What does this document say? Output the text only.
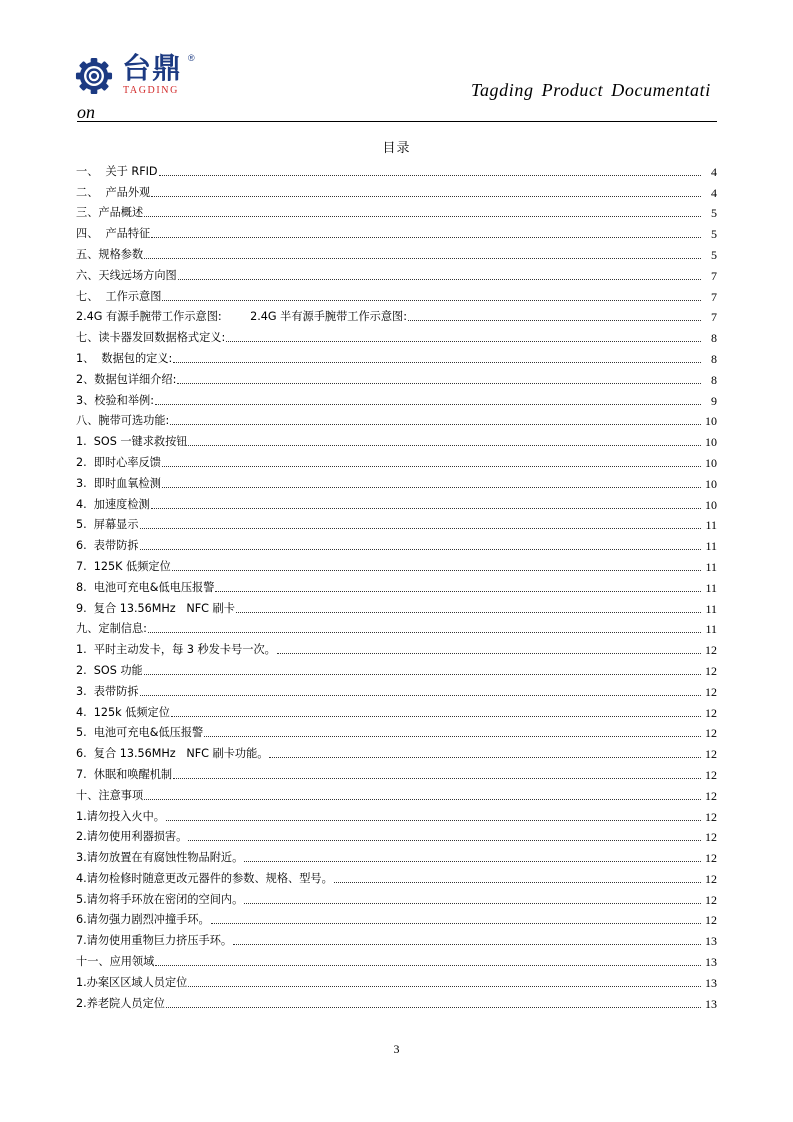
台鼎 ®
TAGDING	Tagding Product Documentati
on
目录
一、  关于 RFID	4
二、  产品外观	4
三、产品概述	5
四、  产品特征	5
五、规格参数	5
六、天线远场方向图	7
七、  工作示意图	7
2.4G 有源手腕带工作示意图:        2.4G 半有源手腕带工作示意图:	7
七、读卡器发回数据格式定义:	8
1、  数据包的定义:	8
2、数据包详细介绍:	8
3、校验和举例:	9
八、腕带可选功能:	10
1.  SOS 一键求救按钮	10
2.  即时心率反馈	10
3.  即时血氧检测	10
4.  加速度检测	10
5.  屏幕显示	11
6.  表带防拆	11
7.  125K 低频定位	11
8.  电池可充电&低电压报警	11
9.  复合 13.56MHz   NFC 刷卡	11
九、定制信息:	11
1.  平时主动发卡，每 3 秒发卡号一次。	12
2.  SOS 功能	12
3.  表带防拆	12
4.  125k 低频定位	12
5.  电池可充电&低压报警	12
6.  复合 13.56MHz   NFC 刷卡功能。	12
7.  休眠和唤醒机制	12
十、注意事项	12
1.请勿投入火中。	12
2.请勿使用利器损害。	12
3.请勿放置在有腐蚀性物品附近。	12
4.请勿检修时随意更改元器件的参数、规格、型号。	12
5.请勿将手环放在密闭的空间内。	12
6.请勿强力剧烈冲撞手环。	12
7.请勿使用重物巨力挤压手环。	13
十一、应用领域	13
1.办案区区域人员定位	13
2.养老院人员定位	13
3
